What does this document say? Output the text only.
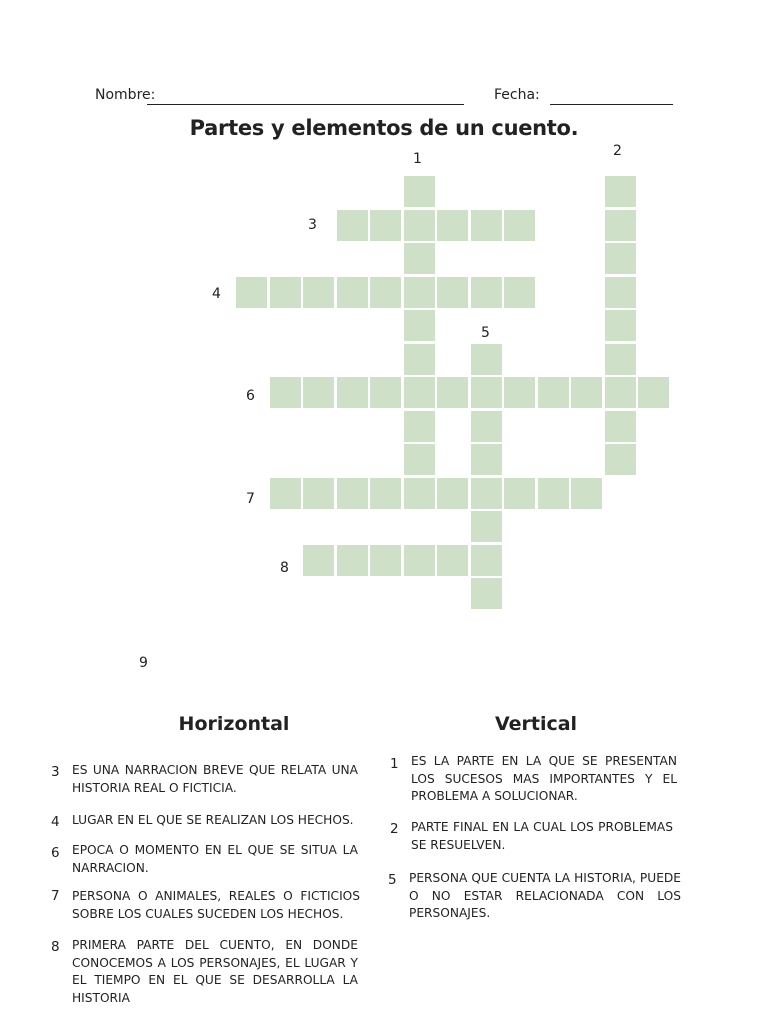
Nombre:	Fecha:
Partes y elementos de un cuento.
1	2
3
4
5
6
7
8
9
Horizontal	Vertical
3 ES UNA NARRACION BREVE QUE RELATA UNA HISTORIA REAL O FICTICIA.
4 LUGAR EN EL QUE SE REALIZAN LOS HECHOS.
6 EPOCA O MOMENTO EN EL QUE SE SITUA LA NARRACION.
7 PERSONA O ANIMALES, REALES O FICTICIOS SOBRE LOS CUALES SUCEDEN LOS HECHOS.
8 PRIMERA PARTE DEL CUENTO, EN DONDE CONOCEMOS A LOS PERSONAJES, EL LUGAR Y EL TIEMPO EN EL QUE SE DESARROLLA LA HISTORIA
1 ES LA PARTE EN LA QUE SE PRESENTAN LOS SUCESOS MAS IMPORTANTES Y EL PROBLEMA A SOLUCIONAR.
2 PARTE FINAL EN LA CUAL LOS PROBLEMAS SE RESUELVEN.
5 PERSONA QUE CUENTA LA HISTORIA, PUEDE O NO ESTAR RELACIONADA CON LOS PERSONAJES.
